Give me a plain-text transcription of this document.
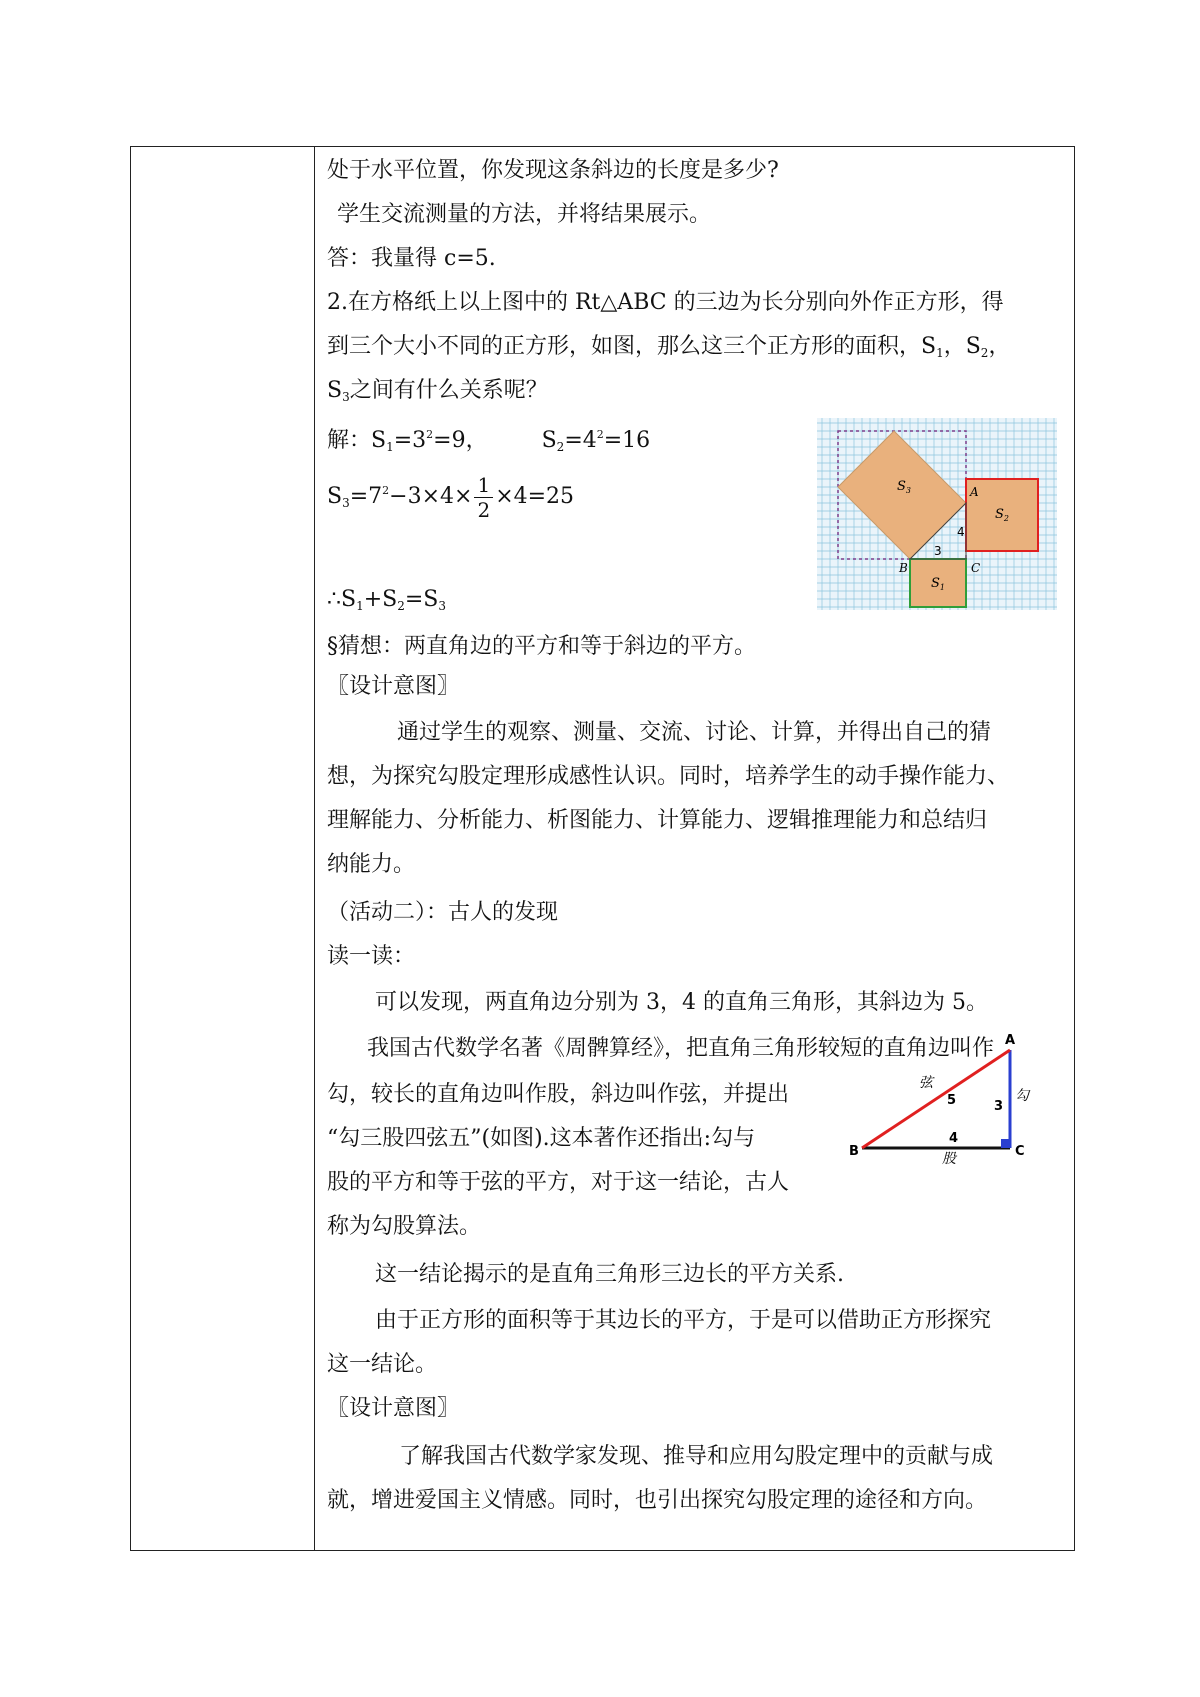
处于水平位置，你发现这条斜边的长度是多少?
学生交流测量的方法，并将结果展示。
答：我量得 c=5.
2.在方格纸上以上图中的 Rt△ABC 的三边为长分别向外作正方形，得
到三个大小不同的正方形，如图，那么这三个正方形的面积，$S_1$，$S_2$，
$S_3$之间有什么关系呢？
解：$S_1=3^2=9$， $S_2=4^2=16$
$S_3=7^2-3\times 4\times \frac{1}{2} \times 4=25$
$\therefore S_1+S_2=S_3$
§猜想：两直角边的平方和等于斜边的平方。
〖设计意图〗
通过学生的观察、测量、交流、讨论、计算，并得出自己的猜
想，为探究勾股定理形成感性认识。同时，培养学生的动手操作能力、
理解能力、分析能力、析图能力、计算能力、逻辑推理能力和总结归
纳能力。
（活动二）：古人的发现
读一读：
可以发现，两直角边分别为 3，4 的直角三角形，其斜边为 5。
我国古代数学名著《周髀算经》，把直角三角形较短的直角边叫作
勾，较长的直角边叫作股，斜边叫作弦，并提出
“勾三股四弦五”(如图).这本著作还指出:勾与
股的平方和等于弦的平方，对于这一结论，古人
称为勾股算法。
这一结论揭示的是直角三角形三边长的平方关系.
由于正方形的面积等于其边长的平方，于是可以借助正方形探究
这一结论。
〖设计意图〗
了解我国古代数学家发现、推导和应用勾股定理中的贡献与成
就，增进爱国主义情感。同时，也引出探究勾股定理的途径和方向。
$S_3$
$S_2$
$S_1$
A
B	C
3
4
A
B	C
弦
5	3
勾
4
股
